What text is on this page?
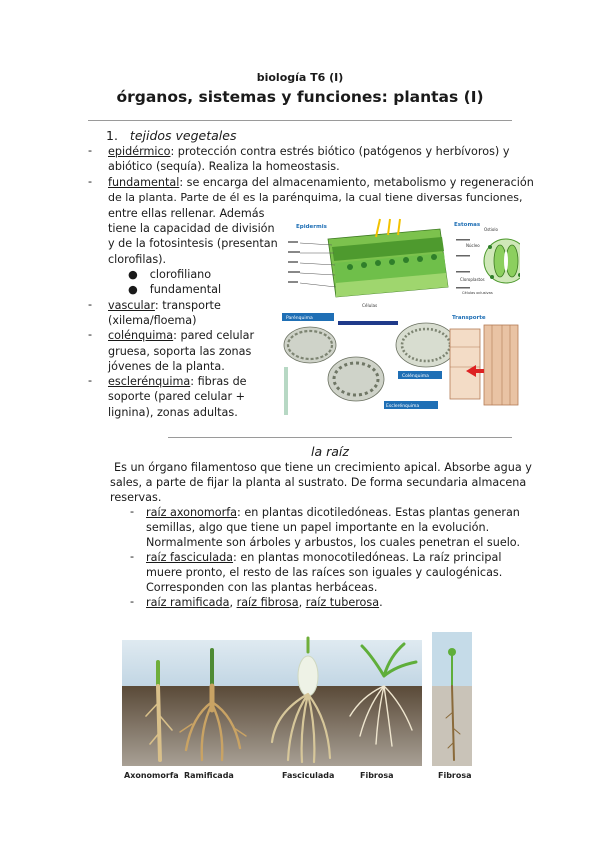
biología T6 (I)
órganos, sistemas y funciones: plantas (I)
1. tejidos vegetales
- epidérmico: protección contra estrés biótico (patógenos y herbívoros) y
abiótico (sequía). Realiza la homeostasis.
- fundamental: se encarga del almacenamiento, metabolismo y regeneración
de la planta. Parte de él es la parénquima, la cual tiene diversas funciones,
entre ellas rellenar. Además
tiene la capacidad de división
y de la fotosintesis (presentan
clorofilas).
● clorofiliano
● fundamental
- vascular: transporte
(xilema/floema)
- colénquima: pared celular
gruesa, soporta las zonas
jóvenes de la planta.
- esclerénquima: fibras de
soporte (pared celular +
lignina), zonas adultas.
Epidermis	Estomas
Células
Ostiolo
Núcleo
Cloroplastos
Células oclusivas
Parénquima	Transporte
Colénquima
Esclerénquima
la raíz
Es un órgano filamentoso que tiene un crecimiento apical. Absorbe agua y
sales, a parte de fijar la planta al sustrato. De forma secundaria almacena
reservas.
- raíz axonomorfa: en plantas dicotiledóneas. Estas plantas generan
semillas, algo que tiene un papel importante en la evolución.
Normalmente son árboles y arbustos, los cuales penetran el suelo.
- raíz fasciculada: en plantas monocotiledóneas. La raíz principal
muere pronto, el resto de las raíces son iguales y caulogénicas.
Corresponden con las plantas herbáceas.
- raíz ramificada, raíz fibrosa, raíz tuberosa.
Axonomorfa Ramificada	Fasciculada	Fibrosa	Fibrosa
